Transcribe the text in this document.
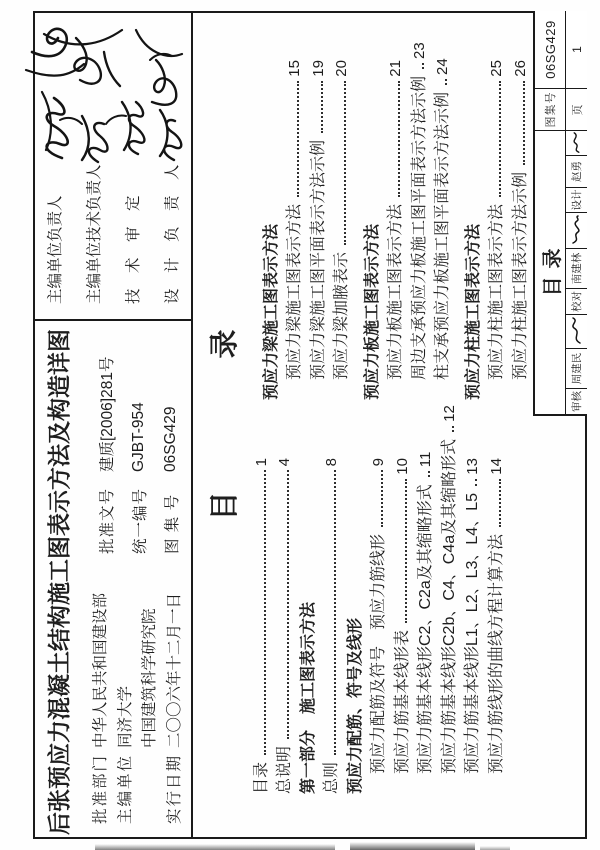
后张预应力混凝土结构施工图表示方法及构造详图 批准部门
中华人民共和国建设部
主编单位
同济大学 中国建筑科学研究院
实行日期
二〇〇六年十二月一日
批准文号
建质[2006]281号
统一编号
GJBT-954
图 集 号
06SG429
主编单位负责人 主编单位技术负责人 技　术　审　定 设　计　负　责　人
目　录
目录
1
总说明
4
第一部分　施工图表示方法 总则
8
预应力配筋、符号及线形 预应力配筋及符号　预应力筋线形
9
预应力筋基本线形表
10
预应力筋基本线形C2、C2a及其缩略形式
11 预应力筋基本线形C2b、C4、C4a及其缩略形式
12
预应力筋基本线形L1、L2、L3、L4、L5
13
预应力筋线形的曲线方程计算方法
14
预应力梁施工图表示方法 预应力梁施工图表示方法
15
预应力梁施工图平面表示方法示例
19
预应力梁加腋表示
20
预应力板施工图表示方法 预应力板施工图表示方法
21
周边支承预应力板施工图平面表示方法示例
23
柱支承预应力板施工图平面表示方法示例
24
预应力柱施工图表示方法 预应力柱施工图表示方法
25
预应力柱施工图表示方法示例
26
目录
图集号
06SG429
审核
周建民
校对
南建林
设计
赵勇
页
1
